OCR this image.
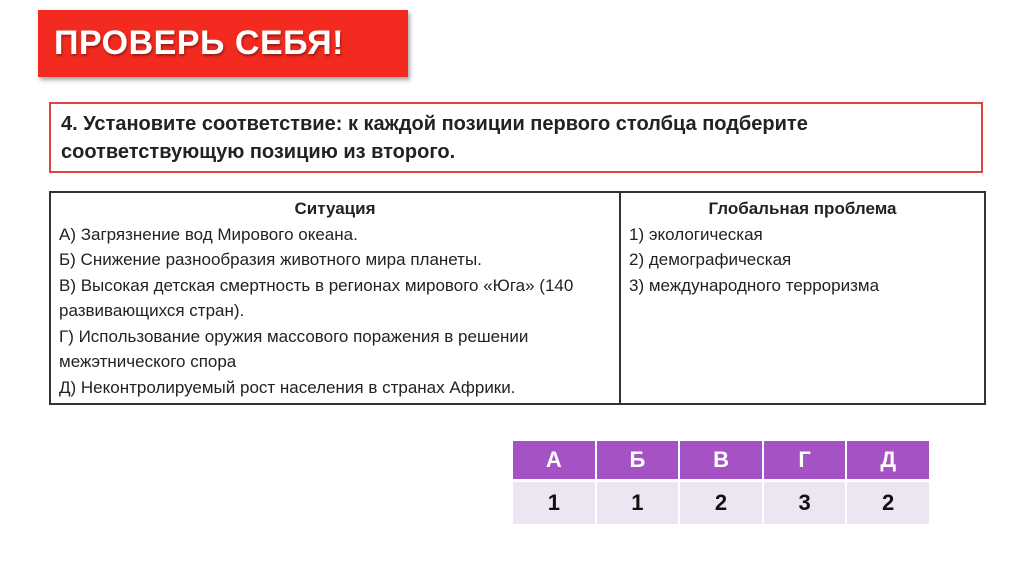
ПРОВЕРЬ СЕБЯ!
4. Установите соответствие: к каждой позиции первого столбца подберите соответствующую позицию из второго.
Ситуация
А) Загрязнение вод Мирового океана.
Б) Снижение разнообразия животного мира планеты.
В) Высокая детская смертность в регионах мирового «Юга» (140 развивающихся стран).
Г) Использование оружия массового поражения в решении межэтнического спора
Д) Неконтролируемый рост населения в странах Африки.

Глобальная проблема
1) экологическая
2) демографическая
3) международного терроризма
А	Б	В	Г	Д
1	1	2	3	2
